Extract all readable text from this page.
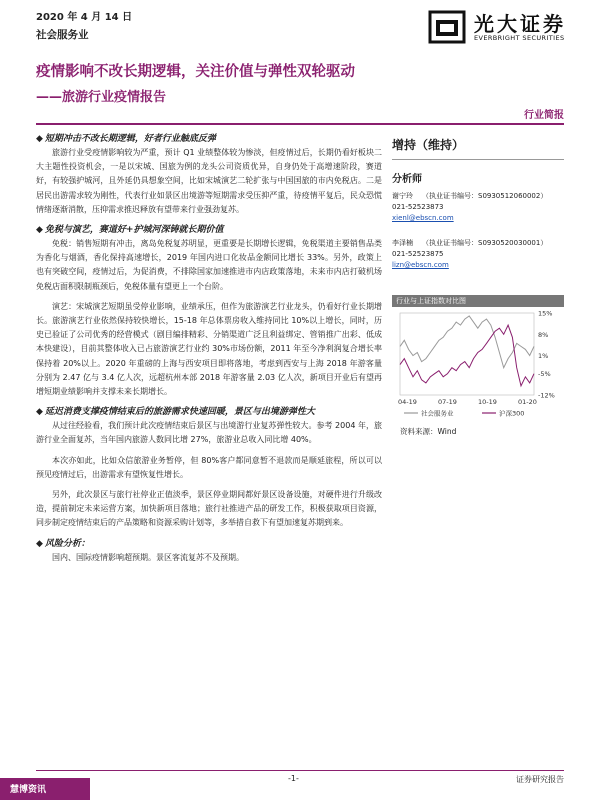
2020 年 4 月 14 日
社会服务业	光大证券
EVERBRIGHT SECURITIES
疫情影响不改长期逻辑，关注价值与弹性双轮驱动
——旅游行业疫情报告
行业简报

◆ 短期冲击不改长期逻辑，好者行业触底反弹

旅游行业受疫情影响较为严重，预计 Q1 业绩整体较为惨淡，但疫情过后，长期仍看好板块二大主题性投资机会，一是以宋城、国旅为例的龙头公司资质优异，自身仍处于高增速阶段，赛道好，有较强护城河，且外延仍具想象空间，比如宋城演艺二轮扩张与中国国旅的市内免税店。二是居民出游需求较为刚性，代表行业如景区出境游等短期需求受压抑严重，待疫情平复后，民众恐慌情绪逐渐消散，压抑需求推迟释放有望带来行业强劲复苏。

◆ 免税与演艺，赛道好+护城河深铸就长期价值

免税：销售短期有冲击，离岛免税复苏明显，更重要是长期增长逻辑，免税渠道主要销售品类为香化与烟酒，香化保持高速增长，2019 年国内进口化妆品金额同比增长 33%。另外，政策上也有突破空间，疫情过后，为促消费，不排除国家加速推进市内店政策落地，未来市内店打破机场免税店面积限制瓶颈后，免税体量有望更上一个台阶。

演艺：宋城演艺短期虽受停业影响，业绩承压，但作为旅游演艺行业龙头，仍看好行业长期增长。旅游演艺行业依然保持较快增长，15-18 年总体票房收入维持同比 10%以上增长，同时，历史已验证了公司优秀的经营模式（剧目编排精彩、分销渠道广泛且利益绑定、管销推广出彩、低成本快建设），目前其整体收入已占旅游演艺行业约 30%市场份额，2011 年至今净利润复合增长率保持着 20%以上。2020 年重磅的上海与西安项目即将落地，考虑到西安与上海 2018 年游客量分别为 2.47 亿与 3.4 亿人次，远超杭州本部 2018 年游客量 2.03 亿人次，新项目开业后有望再增短期业绩影响并支撑未来长期增长。

◆ 延迟消费支撑疫情结束后的旅游需求快速回暖，景区与出境游弹性大

从过往经验看，我们预计此次疫情结束后景区与出境游行业复苏弹性较大。参考 2004 年，旅游行业全面复苏，当年国内旅游人数同比增 27%，旅游业总收入同比增 40%。

本次亦如此，比如众信旅游业务暂停，但 80%客户都同意暂不退款而是顺延旅程，所以可以预见疫情过后，出游需求有望恢复性增长。

另外，此次景区与旅行社停业正值淡季，景区停业期间都好景区设备设施，对硬件进行升级改造，提前制定未来运营方案，加快新项目落地；旅行社推进产品的研发工作，积极获取项目资源，同步制定疫情结束后的产品策略和资源采购计划等，多举措自救下有望加速复苏期到来。

◆ 风险分析：

国内、国际疫情影响超预期。景区客流复苏不及预期。

增持（维持）
分析师
谢宁玲 （执业证书编号：S0930512060002）
021-52523873
xienl@ebscn.com
李泽楠 （执业证书编号：S0930520030001）
021-52523875
lizn@ebscn.com
行业与上证指数对比图
15%
8%
1%
-5%
-12%
04-19	07-19	10-19	01-20
社会服务业	沪深300
资料来源：Wind
慧博资讯
-1-	证券研究报告
